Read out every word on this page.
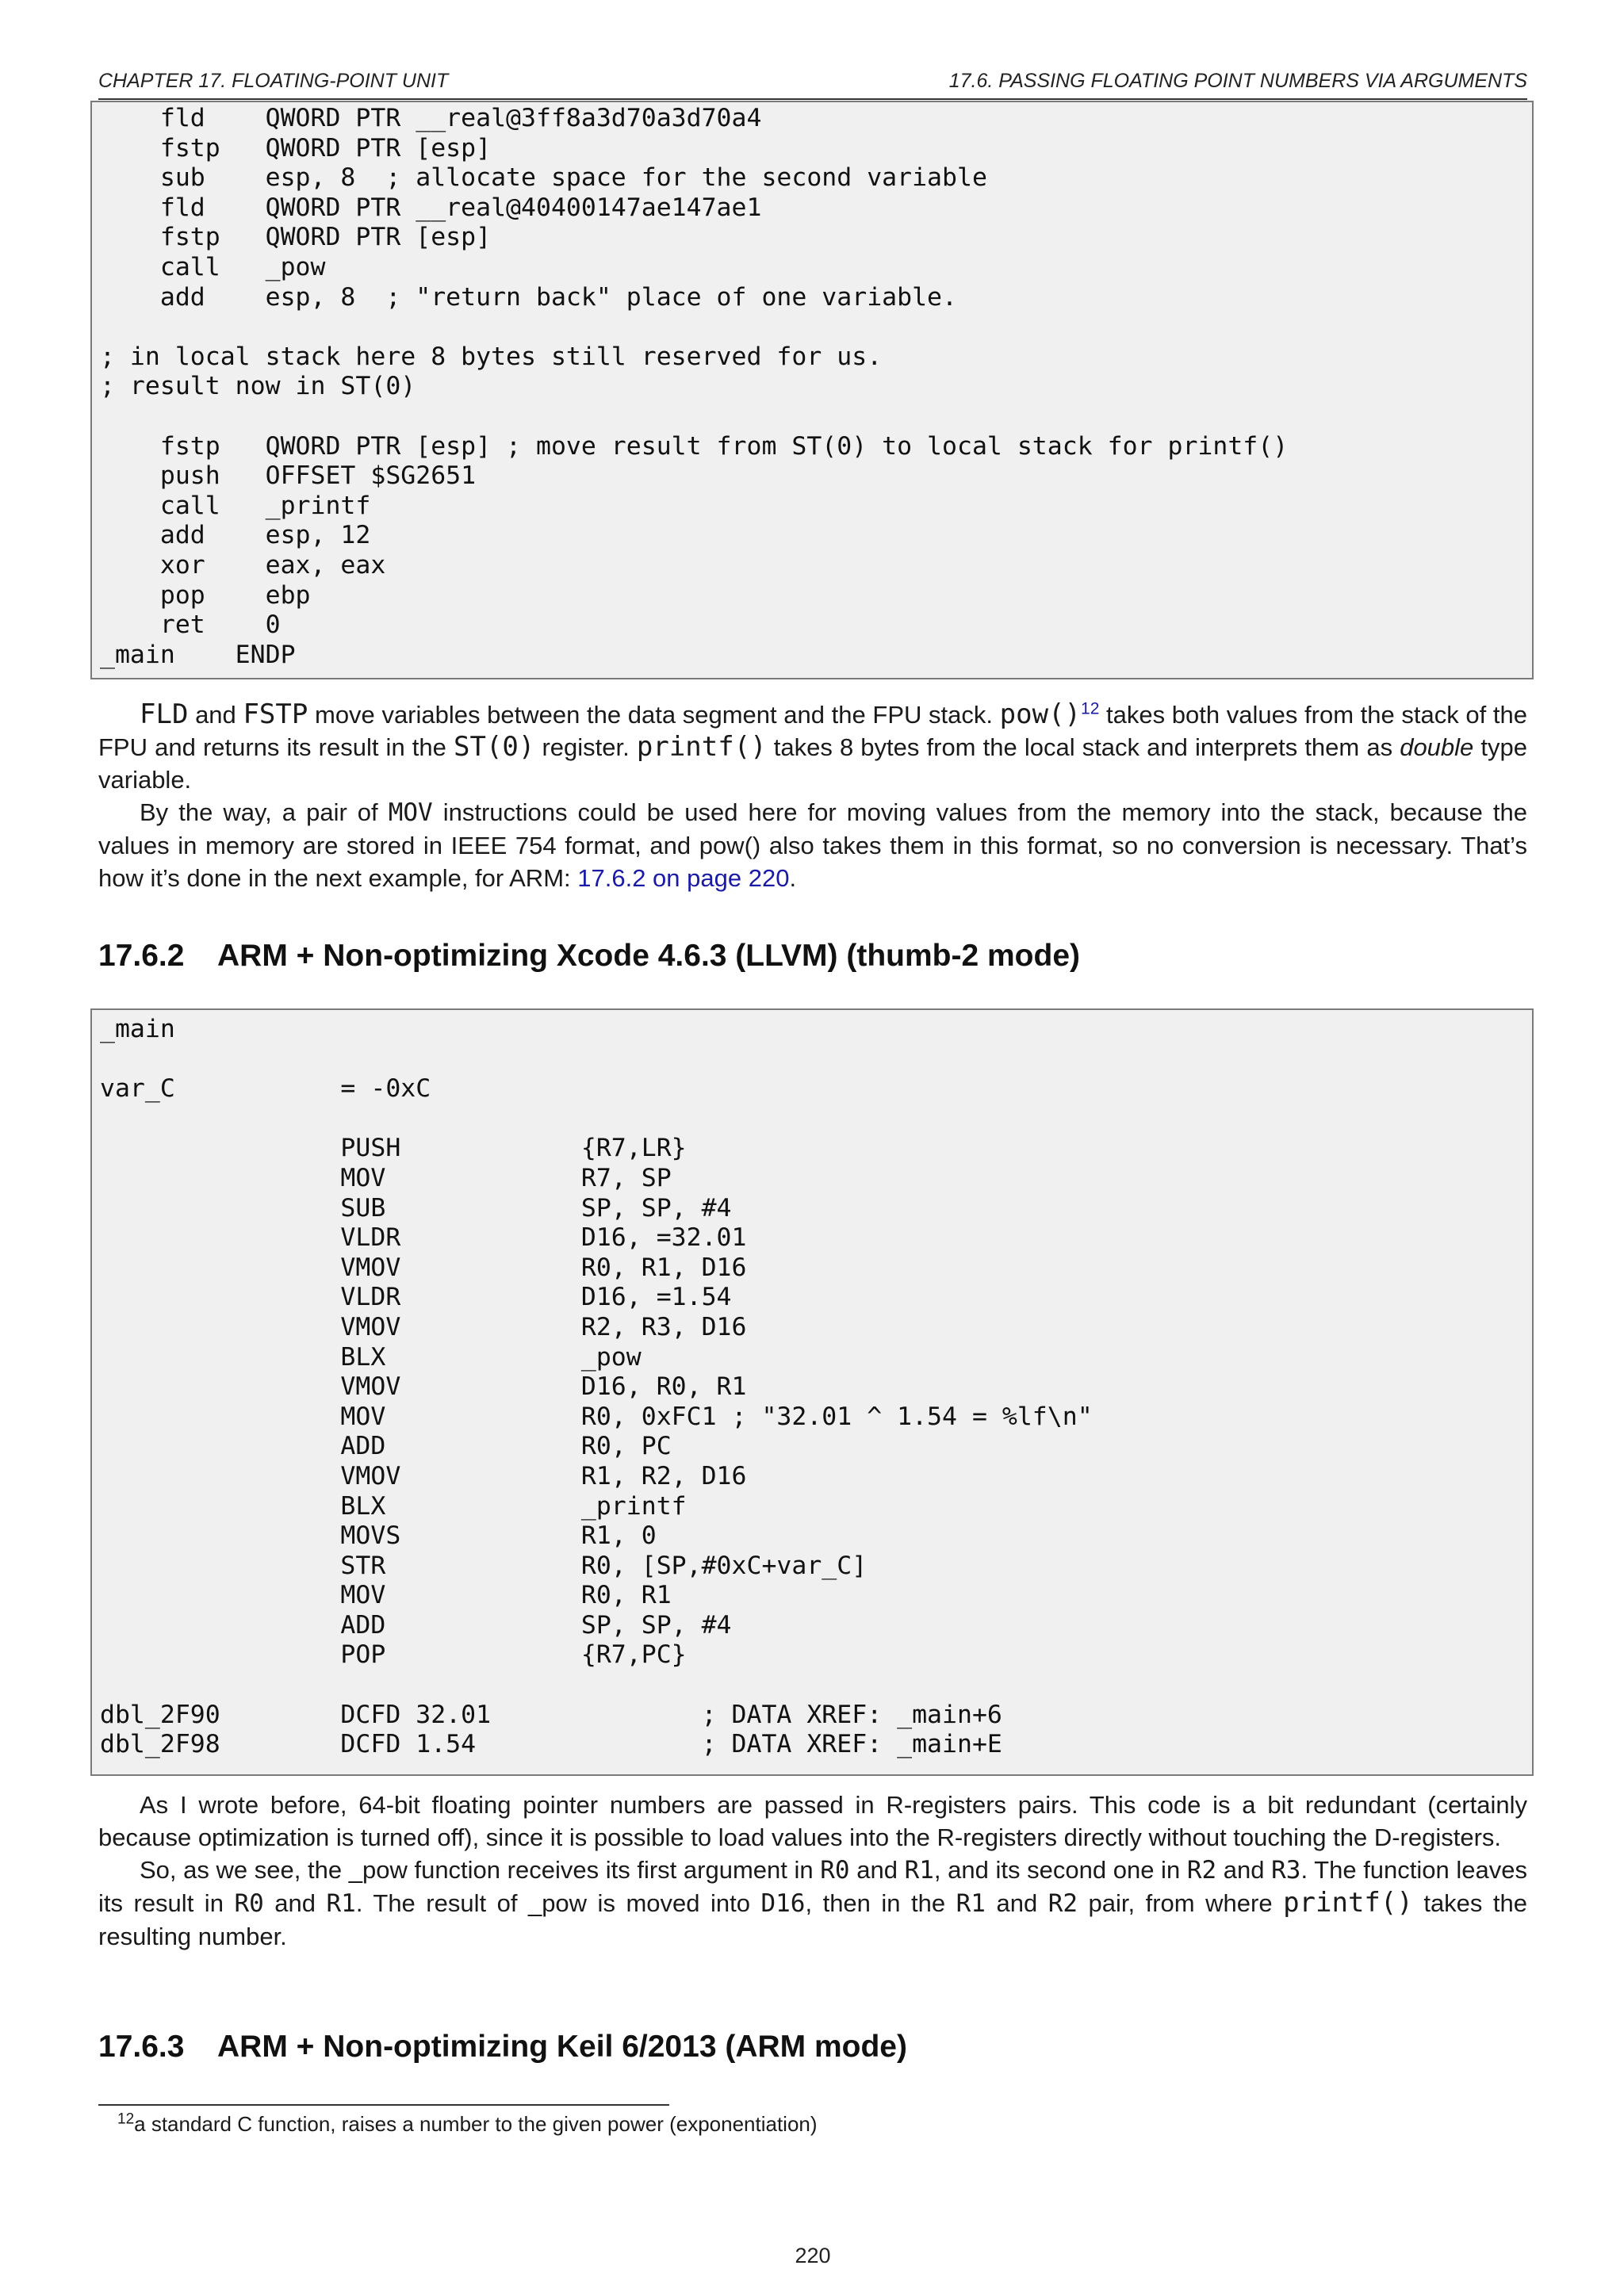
CHAPTER 17. FLOATING-POINT UNIT	17.6. PASSING FLOATING POINT NUMBERS VIA ARGUMENTS
fld    QWORD PTR __real@3ff8a3d70a3d70a4
fstp   QWORD PTR [esp]
sub    esp, 8  ; allocate space for the second variable
fld    QWORD PTR __real@40400147ae147ae1
fstp   QWORD PTR [esp]
call   _pow
add    esp, 8  ; "return back" place of one variable.

; in local stack here 8 bytes still reserved for us.
; result now in ST(0)

fstp   QWORD PTR [esp] ; move result from ST(0) to local stack for printf()
push   OFFSET $SG2651
call   _printf
add    esp, 12
xor    eax, eax
pop    ebp
ret    0
_main    ENDP

FLD and FSTP move variables between the data segment and the FPU stack. pow()$^{12}$ takes both values from the stack of the FPU and returns its result in the ST(0) register. printf() takes 8 bytes from the local stack and interprets them as double type variable.

By the way, a pair of MOV instructions could be used here for moving values from the memory into the stack, because the values in memory are stored in IEEE 754 format, and pow() also takes them in this format, so no conversion is necessary. That’s how it’s done in the next example, for ARM: 17.6.2 on page 220.

17.6.2 ARM + Non-optimizing Xcode 4.6.3 (LLVM) (thumb-2 mode)
_main

var_C           = -0xC

PUSH            {R7,LR}
MOV             R7, SP
SUB             SP, SP, #4
VLDR            D16, =32.01
VMOV            R0, R1, D16
VLDR            D16, =1.54
VMOV            R2, R3, D16
BLX             _pow
VMOV            D16, R0, R1
MOV             R0, 0xFC1 ; "32.01 ^ 1.54 = %lf\n"
ADD             R0, PC
VMOV            R1, R2, D16
BLX             _printf
MOVS            R1, 0
STR             R0, [SP,#0xC+var_C]
MOV             R0, R1
ADD             SP, SP, #4
POP             {R7,PC}

dbl_2F90        DCFD 32.01              ; DATA XREF: _main+6
dbl_2F98        DCFD 1.54               ; DATA XREF: _main+E

As I wrote before, 64-bit floating pointer numbers are passed in R-registers pairs. This code is a bit redundant (certainly because optimization is turned off), since it is possible to load values into the R-registers directly without touching the D-registers.

So, as we see, the _pow function receives its first argument in R0 and R1, and its second one in R2 and R3. The function leaves its result in R0 and R1. The result of _pow is moved into D16, then in the R1 and R2 pair, from where printf() takes the resulting number.

17.6.3 ARM + Non-optimizing Keil 6/2013 (ARM mode)
$^{12}$a standard C function, raises a number to the given power (exponentiation)
220
